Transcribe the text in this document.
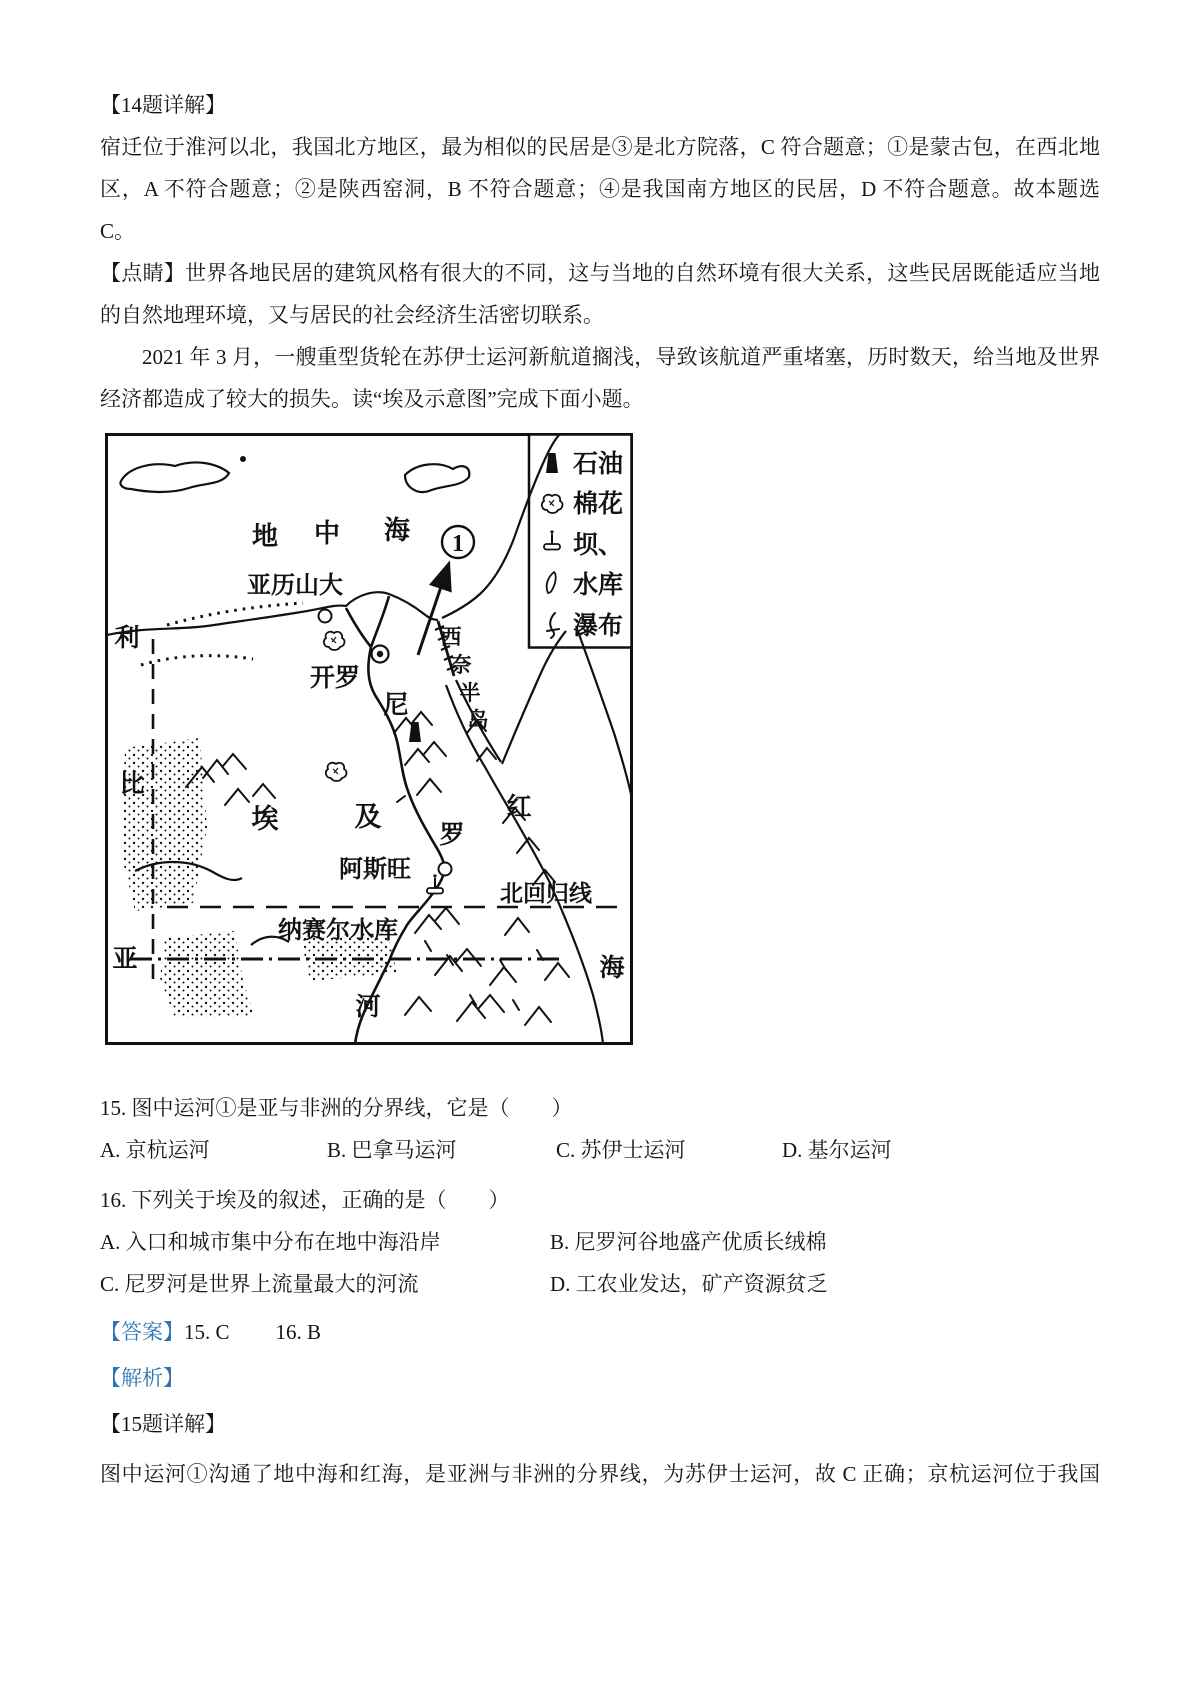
【14题详解】

宿迁位于淮河以北，我国北方地区，最为相似的民居是③是北方院落，C 符合题意；①是蒙古包，在西北地区，A 不符合题意；②是陕西窑洞，B 不符合题意；④是我国南方地区的民居，D 不符合题意。故本题选 C。

【点睛】世界各地民居的建筑风格有很大的不同，这与当地的自然环境有很大关系，这些民居既能适应当地的自然地理环境，又与居民的社会经济生活密切联系。

2021 年 3 月，一艘重型货轮在苏伊士运河新航道搁浅，导致该航道严重堵塞，历时数天，给当地及世界经济都造成了较大的损失。读“埃及示意图”完成下面小题。

地 中 海 1
石油
棉花
坝、
水库
瀑布
北回归线
亚历山大
开罗
西
奈
半
岛
尼
罗
河
利
比
亚
埃	及	红
海
阿斯旺
纳赛尔水库

15. 图中运河①是亚与非洲的分界线，它是（　　）

A. 京杭运河	B. 巴拿马运河	C. 苏伊士运河	D. 基尔运河

16. 下列关于埃及的叙述，正确的是（　　）

A. 入口和城市集中分布在地中海沿岸	B. 尼罗河谷地盛产优质长绒棉
C. 尼罗河是世界上流量最大的河流	D. 工农业发达，矿产资源贫乏

【答案】15. C 16. B

【解析】

【15题详解】

图中运河①沟通了地中海和红海，是亚洲与非洲的分界线，为苏伊士运河，故 C 正确；京杭运河位于我国
